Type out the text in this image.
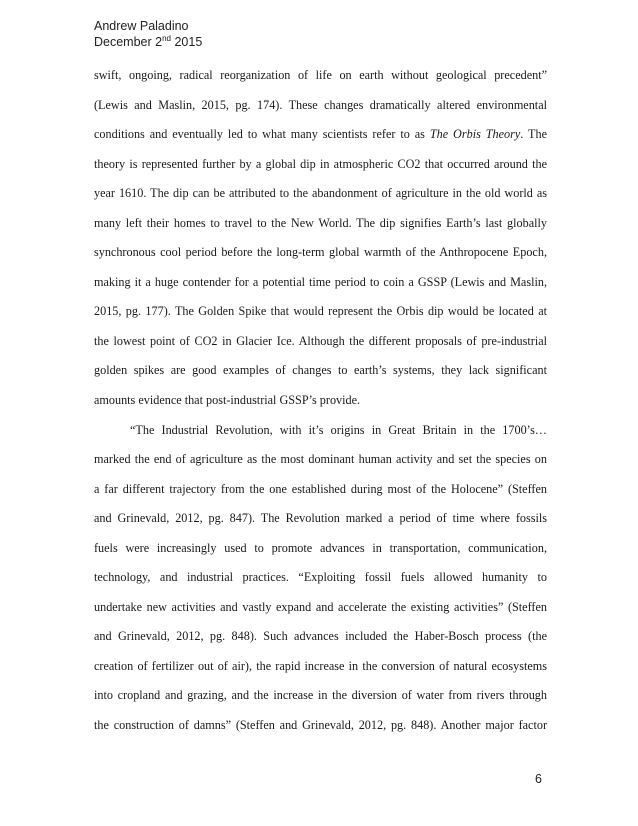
Andrew Paladino
December 2nd 2015
swift, ongoing, radical reorganization of life on earth without geological precedent”
(Lewis and Maslin, 2015, pg. 174). These changes dramatically altered environmental
conditions and eventually led to what many scientists refer to as The Orbis Theory. The
theory is represented further by a global dip in atmospheric CO2 that occurred around the
year 1610. The dip can be attributed to the abandonment of agriculture in the old world as
many left their homes to travel to the New World. The dip signifies Earth’s last globally
synchronous cool period before the long-term global warmth of the Anthropocene Epoch,
making it a huge contender for a potential time period to coin a GSSP (Lewis and Maslin,
2015, pg. 177). The Golden Spike that would represent the Orbis dip would be located at
the lowest point of CO2 in Glacier Ice. Although the different proposals of pre-industrial
golden spikes are good examples of changes to earth’s systems, they lack significant
amounts evidence that post-industrial GSSP’s provide.
“The Industrial Revolution, with it’s origins in Great Britain in the 1700’s…
marked the end of agriculture as the most dominant human activity and set the species on
a far different trajectory from the one established during most of the Holocene” (Steffen
and Grinevald, 2012, pg. 847). The Revolution marked a period of time where fossils
fuels were increasingly used to promote advances in transportation, communication,
technology, and industrial practices. “Exploiting fossil fuels allowed humanity to
undertake new activities and vastly expand and accelerate the existing activities” (Steffen
and Grinevald, 2012, pg. 848). Such advances included the Haber-Bosch process (the
creation of fertilizer out of air), the rapid increase in the conversion of natural ecosystems
into cropland and grazing, and the increase in the diversion of water from rivers through
the construction of damns” (Steffen and Grinevald, 2012, pg. 848). Another major factor
6
